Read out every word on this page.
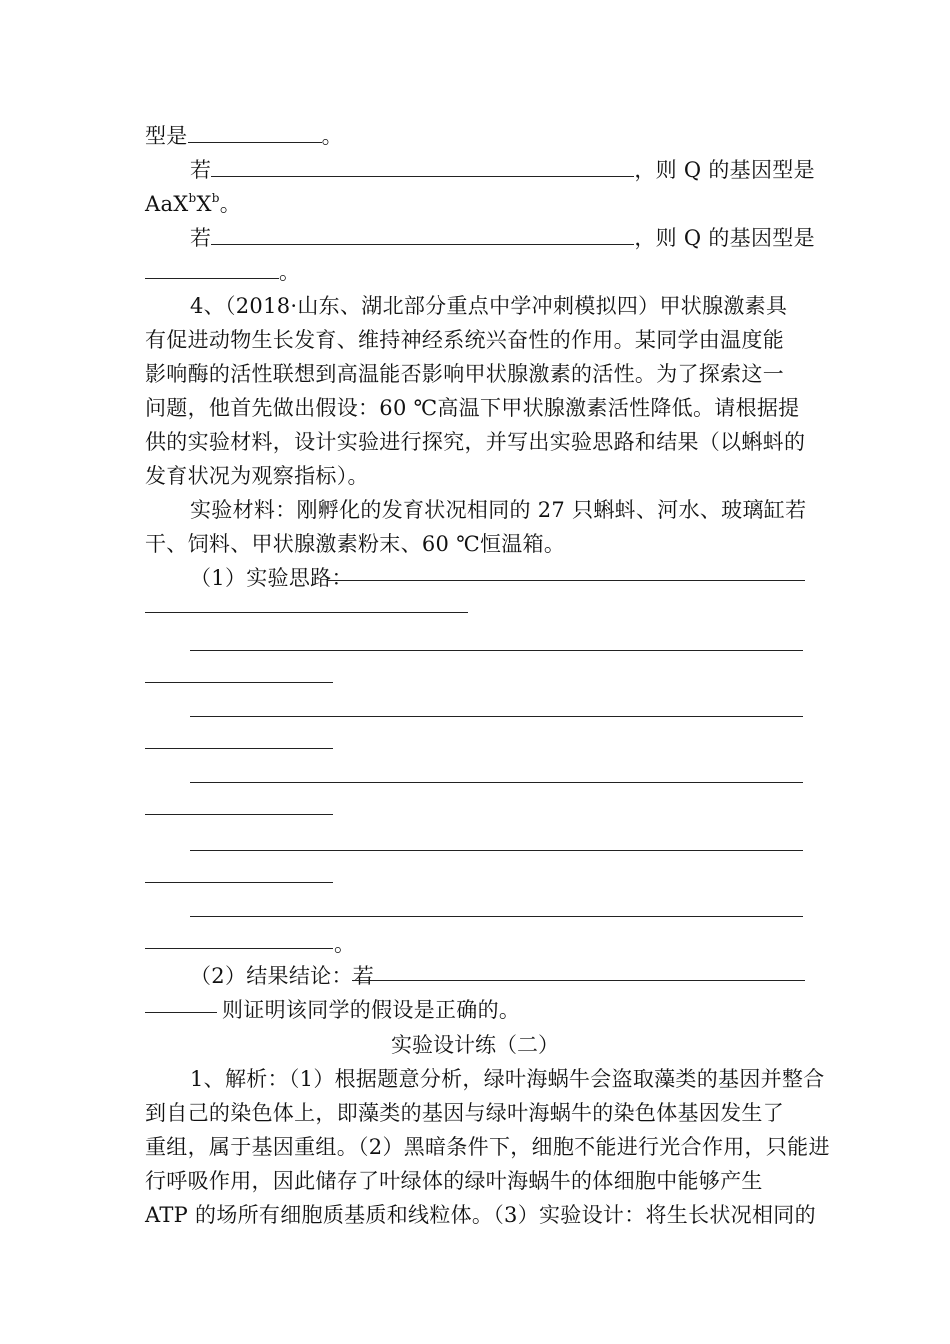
型是	。
若	，则 Q 的基因型是
$AaX^bX^b$。
若	，则 Q 的基因型是
。
4、（2018·山东、湖北部分重点中学冲刺模拟四）甲状腺激素具
有促进动物生长发育、维持神经系统兴奋性的作用。某同学由温度能
影响酶的活性联想到高温能否影响甲状腺激素的活性。为了探索这一
问题，他首先做出假设：60 ℃高温下甲状腺激素活性降低。请根据提
供的实验材料，设计实验进行探究，并写出实验思路和结果（以蝌蚪的
发育状况为观察指标）。
实验材料：刚孵化的发育状况相同的 27 只蝌蚪、河水、玻璃缸若
干、饲料、甲状腺激素粉末、60 ℃恒温箱。
（1）实验思路：
。
（2）结果结论：若
则证明该同学的假设是正确的。
实验设计练（二）
1、解析：（1）根据题意分析，绿叶海蜗牛会盗取藻类的基因并整合
到自己的染色体上，即藻类的基因与绿叶海蜗牛的染色体基因发生了
重组，属于基因重组。（2）黑暗条件下，细胞不能进行光合作用，只能进
行呼吸作用，因此储存了叶绿体的绿叶海蜗牛的体细胞中能够产生
ATP 的场所有细胞质基质和线粒体。（3）实验设计：将生长状况相同的
